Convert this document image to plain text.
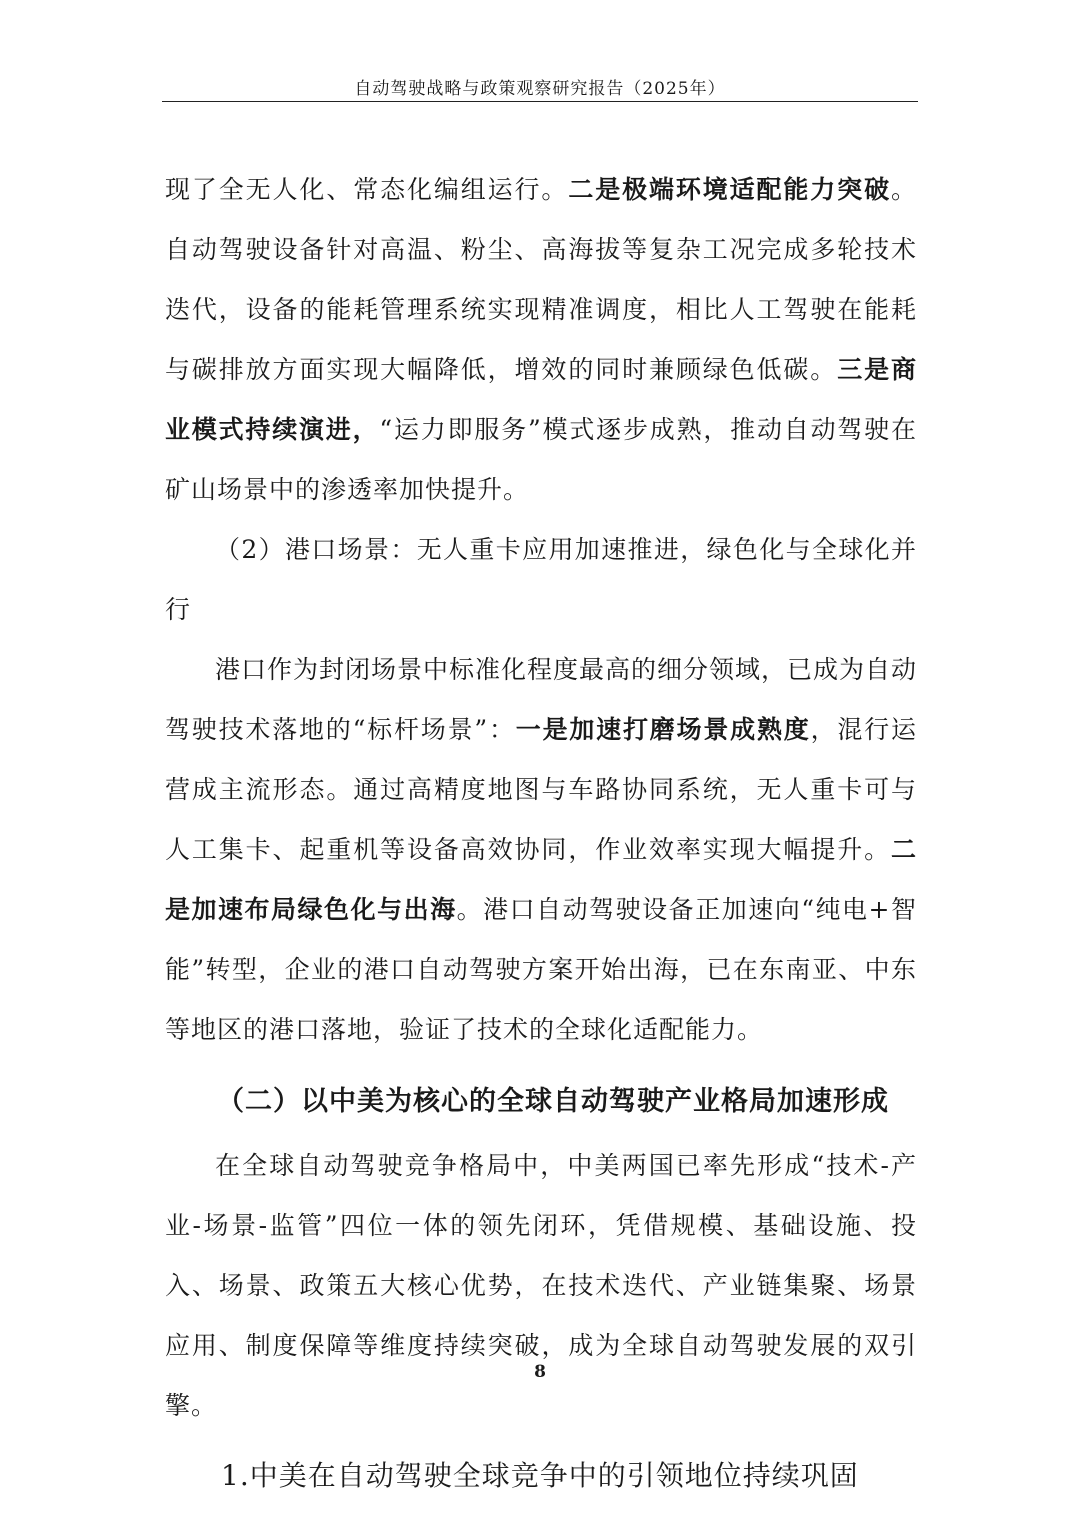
自动驾驶战略与政策观察研究报告（2025年）

现了全无人化、常态化编组运行。二是极端环境适配能力突破。自动驾驶设备针对高温、粉尘、高海拔等复杂工况完成多轮技术迭代，设备的能耗管理系统实现精准调度，相比人工驾驶在能耗与碳排放方面实现大幅降低，增效的同时兼顾绿色低碳。三是商业模式持续演进，“运力即服务”模式逐步成熟，推动自动驾驶在矿山场景中的渗透率加快提升。

（2）港口场景：无人重卡应用加速推进，绿色化与全球化并行

港口作为封闭场景中标准化程度最高的细分领域，已成为自动驾驶技术落地的“标杆场景”：一是加速打磨场景成熟度，混行运营成主流形态。通过高精度地图与车路协同系统，无人重卡可与人工集卡、起重机等设备高效协同，作业效率实现大幅提升。二是加速布局绿色化与出海。港口自动驾驶设备正加速向“纯电+智能”转型，企业的港口自动驾驶方案开始出海，已在东南亚、中东等地区的港口落地，验证了技术的全球化适配能力。

（二）以中美为核心的全球自动驾驶产业格局加速形成

在全球自动驾驶竞争格局中，中美两国已率先形成“技术-产业-场景-监管”四位一体的领先闭环，凭借规模、基础设施、投入、场景、政策五大核心优势，在技术迭代、产业链集聚、场景应用、制度保障等维度持续突破，成为全球自动驾驶发展的双引擎。

1.中美在自动驾驶全球竞争中的引领地位持续巩固
8
